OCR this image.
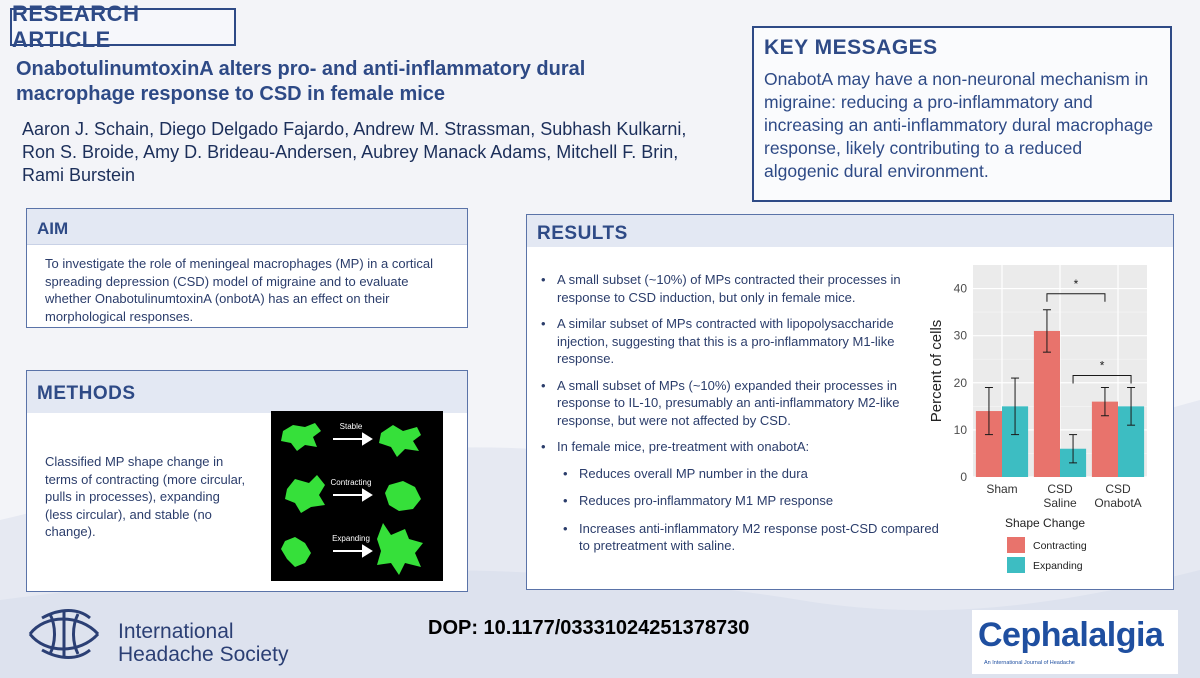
RESEARCH ARTICLE
OnabotulinumtoxinA alters pro- and anti-inflammatory dural
macrophage response to CSD in female mice
Aaron J. Schain, Diego Delgado Fajardo, Andrew M. Strassman, Subhash Kulkarni,
Ron S. Broide, Amy D. Brideau-Andersen, Aubrey Manack Adams, Mitchell F. Brin,
Rami Burstein
KEY MESSAGES

OnabotA may have a non-neuronal mechanism in migraine: reducing a pro-inflammatory and increasing an anti-inflammatory dural macrophage response, likely contributing to a reduced algogenic dural environment.

AIM

To investigate the role of meningeal macrophages (MP) in a cortical spreading depression (CSD) model of migraine and to evaluate whether OnabotulinumtoxinA (onbotA) has an effect on their morphological responses.

METHODS

Classified MP shape change in terms of contracting (more circular, pulls in processes), expanding (less circular), and stable (no change).

Stable
Contracting
Expanding
RESULTS
• A small subset (~10%) of MPs contracted their processes in response to CSD induction, but only in female mice.
• A similar subset of MPs contracted with lipopolysaccharide injection, suggesting that this is a pro-inflammatory M1-like response.
• A small subset of MPs (~10%) expanded their processes in response to IL-10, presumably an anti-inflammatory M2-like response, but were not affected by CSD.
• In female mice, pre-treatment with onabotA:
• Reduces overall MP number in the dura
• Reduces pro-inflammatory M1 MP response
• Increases anti-inflammatory M2 response post-CSD compared to pretreatment with saline.
0
10
20
30
40
Sham CSD
Saline
CSD
OnabotA
*
*
Percent of cells
Shape Change
Contracting
Expanding
International
Headache Society
DOP: 10.1177/03331024251378730	Cephalalgia
An International Journal of Headache
